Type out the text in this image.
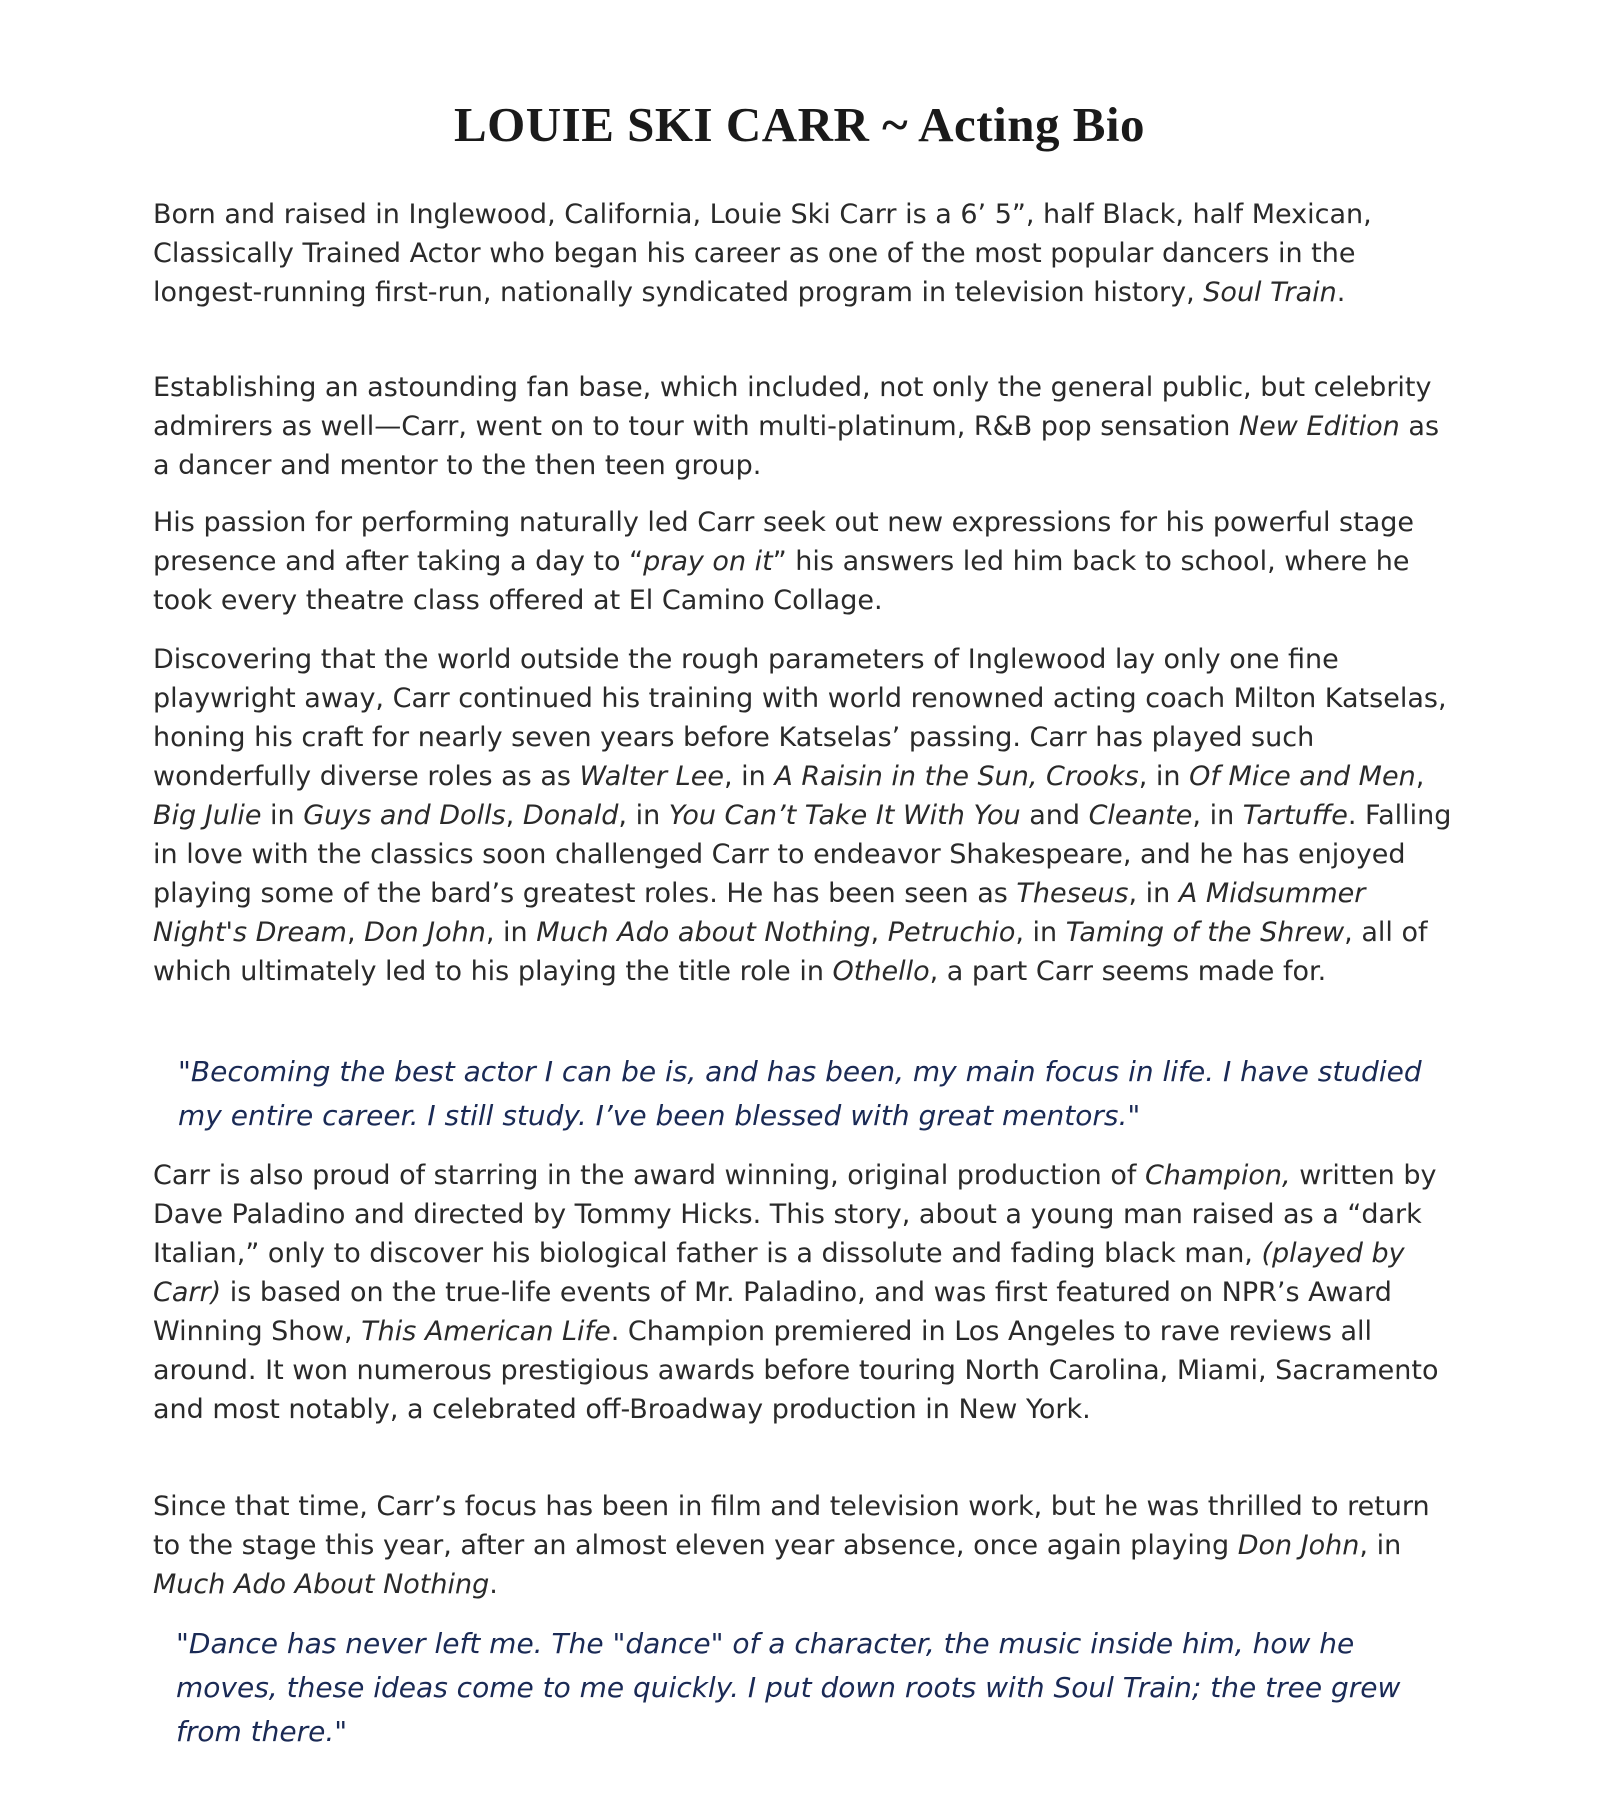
LOUIE SKI CARR ~ Acting Bio

Born and raised in Inglewood, California, Louie Ski Carr is a 6’ 5”, half Black, half Mexican, Classically Trained Actor who began his career as one of the most popular dancers in the longest-running first-run, nationally syndicated program in television history, Soul Train.

Establishing an astounding fan base, which included, not only the general public, but celebrity admirers as well—Carr, went on to tour with multi-platinum, R&B pop sensation New Edition as a dancer and mentor to the then teen group.

His passion for performing naturally led Carr seek out new expressions for his powerful stage presence and after taking a day to “pray on it” his answers led him back to school, where he took every theatre class offered at El Camino Collage.

Discovering that the world outside the rough parameters of Inglewood lay only one fine playwright away, Carr continued his training with world renowned acting coach Milton Katselas, honing his craft for nearly seven years before Katselas’ passing. Carr has played such wonderfully diverse roles as as Walter Lee, in A Raisin in the Sun, Crooks, in Of Mice and Men, Big Julie in Guys and Dolls, Donald, in You Can’t Take It With You and Cleante, in Tartuffe. Falling in love with the classics soon challenged Carr to endeavor Shakespeare, and he has enjoyed playing some of the bard’s greatest roles. He has been seen as Theseus, in A Midsummer Night's Dream, Don John, in Much Ado about Nothing, Petruchio, in Taming of the Shrew, all of which ultimately led to his playing the title role in Othello, a part Carr seems made for.

"Becoming the best actor I can be is, and has been, my main focus in life. I have studied my entire career. I still study. I’ve been blessed with great mentors."

Carr is also proud of starring in the award winning, original production of Champion, written by Dave Paladino and directed by Tommy Hicks. This story, about a young man raised as a “dark Italian,” only to discover his biological father is a dissolute and fading black man, (played by Carr) is based on the true-life events of Mr. Paladino, and was first featured on NPR’s Award Winning Show, This American Life. Champion premiered in Los Angeles to rave reviews all around. It won numerous prestigious awards before touring North Carolina, Miami, Sacramento and most notably, a celebrated off-Broadway production in New York.

Since that time, Carr’s focus has been in film and television work, but he was thrilled to return to the stage this year, after an almost eleven year absence, once again playing Don John, in Much Ado About Nothing.

"Dance has never left me. The "dance" of a character, the music inside him, how he moves, these ideas come to me quickly. I put down roots with Soul Train; the tree grew from there."
